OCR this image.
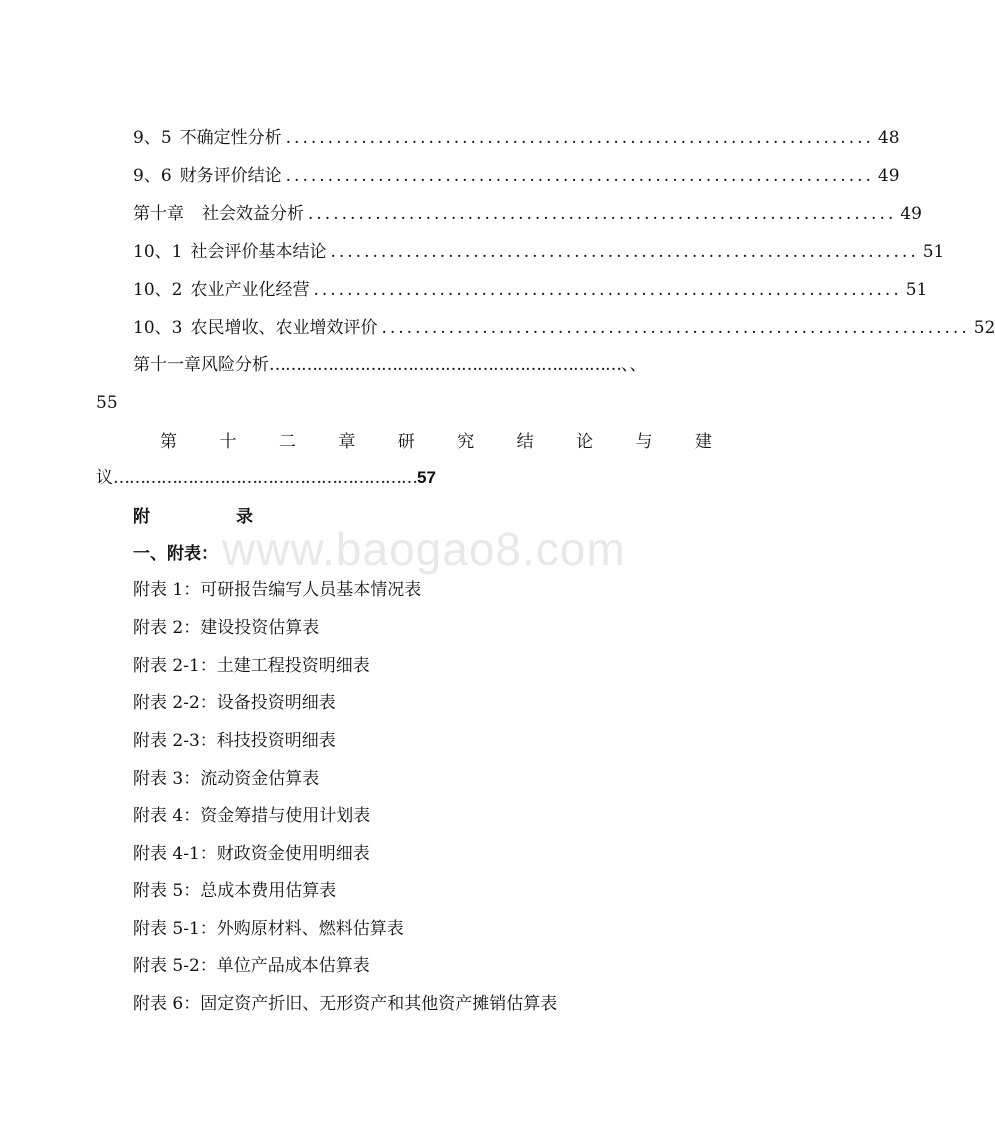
www.baogao8.com
9、5 不确定性分析 ...................................................................... 48
9、6 财务评价结论 ...................................................................... 49
第十章	社会效益分析 ...................................................................... 49
10、1 社会评价基本结论 ...................................................................... 51
10、2 农业产业化经营 ...................................................................... 51
10、3 农民增收、农业增效评价 ...................................................................... 52
第十一章风险分析…………………………………………………………、、
55
第 十 二 章 研 究 结 论 与 建
议…………………………………………………57
附	录
一、附表：
附表 1：可研报告编写人员基本情况表
附表 2：建设投资估算表
附表 2-1：土建工程投资明细表
附表 2-2：设备投资明细表
附表 2-3：科技投资明细表
附表 3：流动资金估算表
附表 4：资金筹措与使用计划表
附表 4-1：财政资金使用明细表
附表 5：总成本费用估算表
附表 5-1：外购原材料、燃料估算表
附表 5-2：单位产品成本估算表
附表 6：固定资产折旧、无形资产和其他资产摊销估算表
